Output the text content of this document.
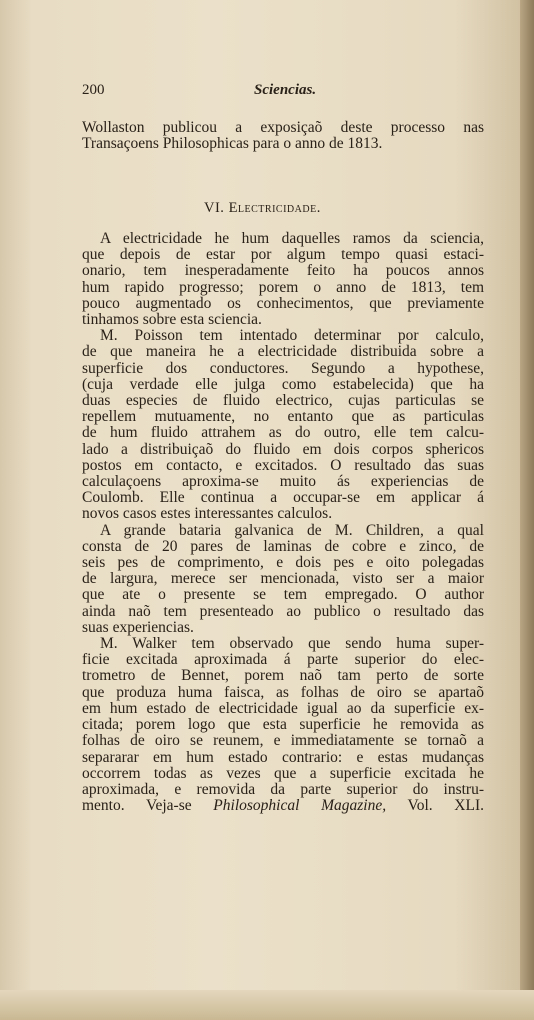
200	Sciencias.
Wollaston publicou a exposiçaõ deste processo nas
Transaçoens Philosophicas para o anno de 1813.
VI. Electricidade.
A electricidade he hum daquelles ramos da sciencia,
que depois de estar por algum tempo quasi estaci-
onario, tem inesperadamente feito ha poucos annos
hum rapido progresso; porem o anno de 1813, tem
pouco augmentado os conhecimentos, que previamente
tinhamos sobre esta sciencia.
M. Poisson tem intentado determinar por calculo,
de que maneira he a electricidade distribuida sobre a
superficie dos conductores. Segundo a hypothese,
(cuja verdade elle julga como estabelecida) que ha
duas especies de fluido electrico, cujas particulas se
repellem mutuamente, no entanto que as particulas
de hum fluido attrahem as do outro, elle tem calcu-
lado a distribuiçaõ do fluido em dois corpos sphericos
postos em contacto, e excitados. O resultado das suas
calculaçoens aproxima-se muito ás experiencias de
Coulomb. Elle continua a occupar-se em applicar á
novos casos estes interessantes calculos.
A grande bataria galvanica de M. Children, a qual
consta de 20 pares de laminas de cobre e zinco, de
seis pes de comprimento, e dois pes e oito polegadas
de largura, merece ser mencionada, visto ser a maior
que ate o presente se tem empregado. O author
ainda naõ tem presenteado ao publico o resultado das
suas experiencias.
M. Walker tem observado que sendo huma super-
ficie excitada aproximada á parte superior do elec-
trometro de Bennet, porem naõ tam perto de sorte
que produza huma faisca, as folhas de oiro se apartaõ
em hum estado de electricidade igual ao da superficie ex-
citada; porem logo que esta superficie he removida as
folhas de oiro se reunem, e immediatamente se tornaõ a
separarar em hum estado contrario: e estas mudanças
occorrem todas as vezes que a superficie excitada he
aproximada, e removida da parte superior do instru-
mento. Veja-se Philosophical Magazine, Vol. XLI.
